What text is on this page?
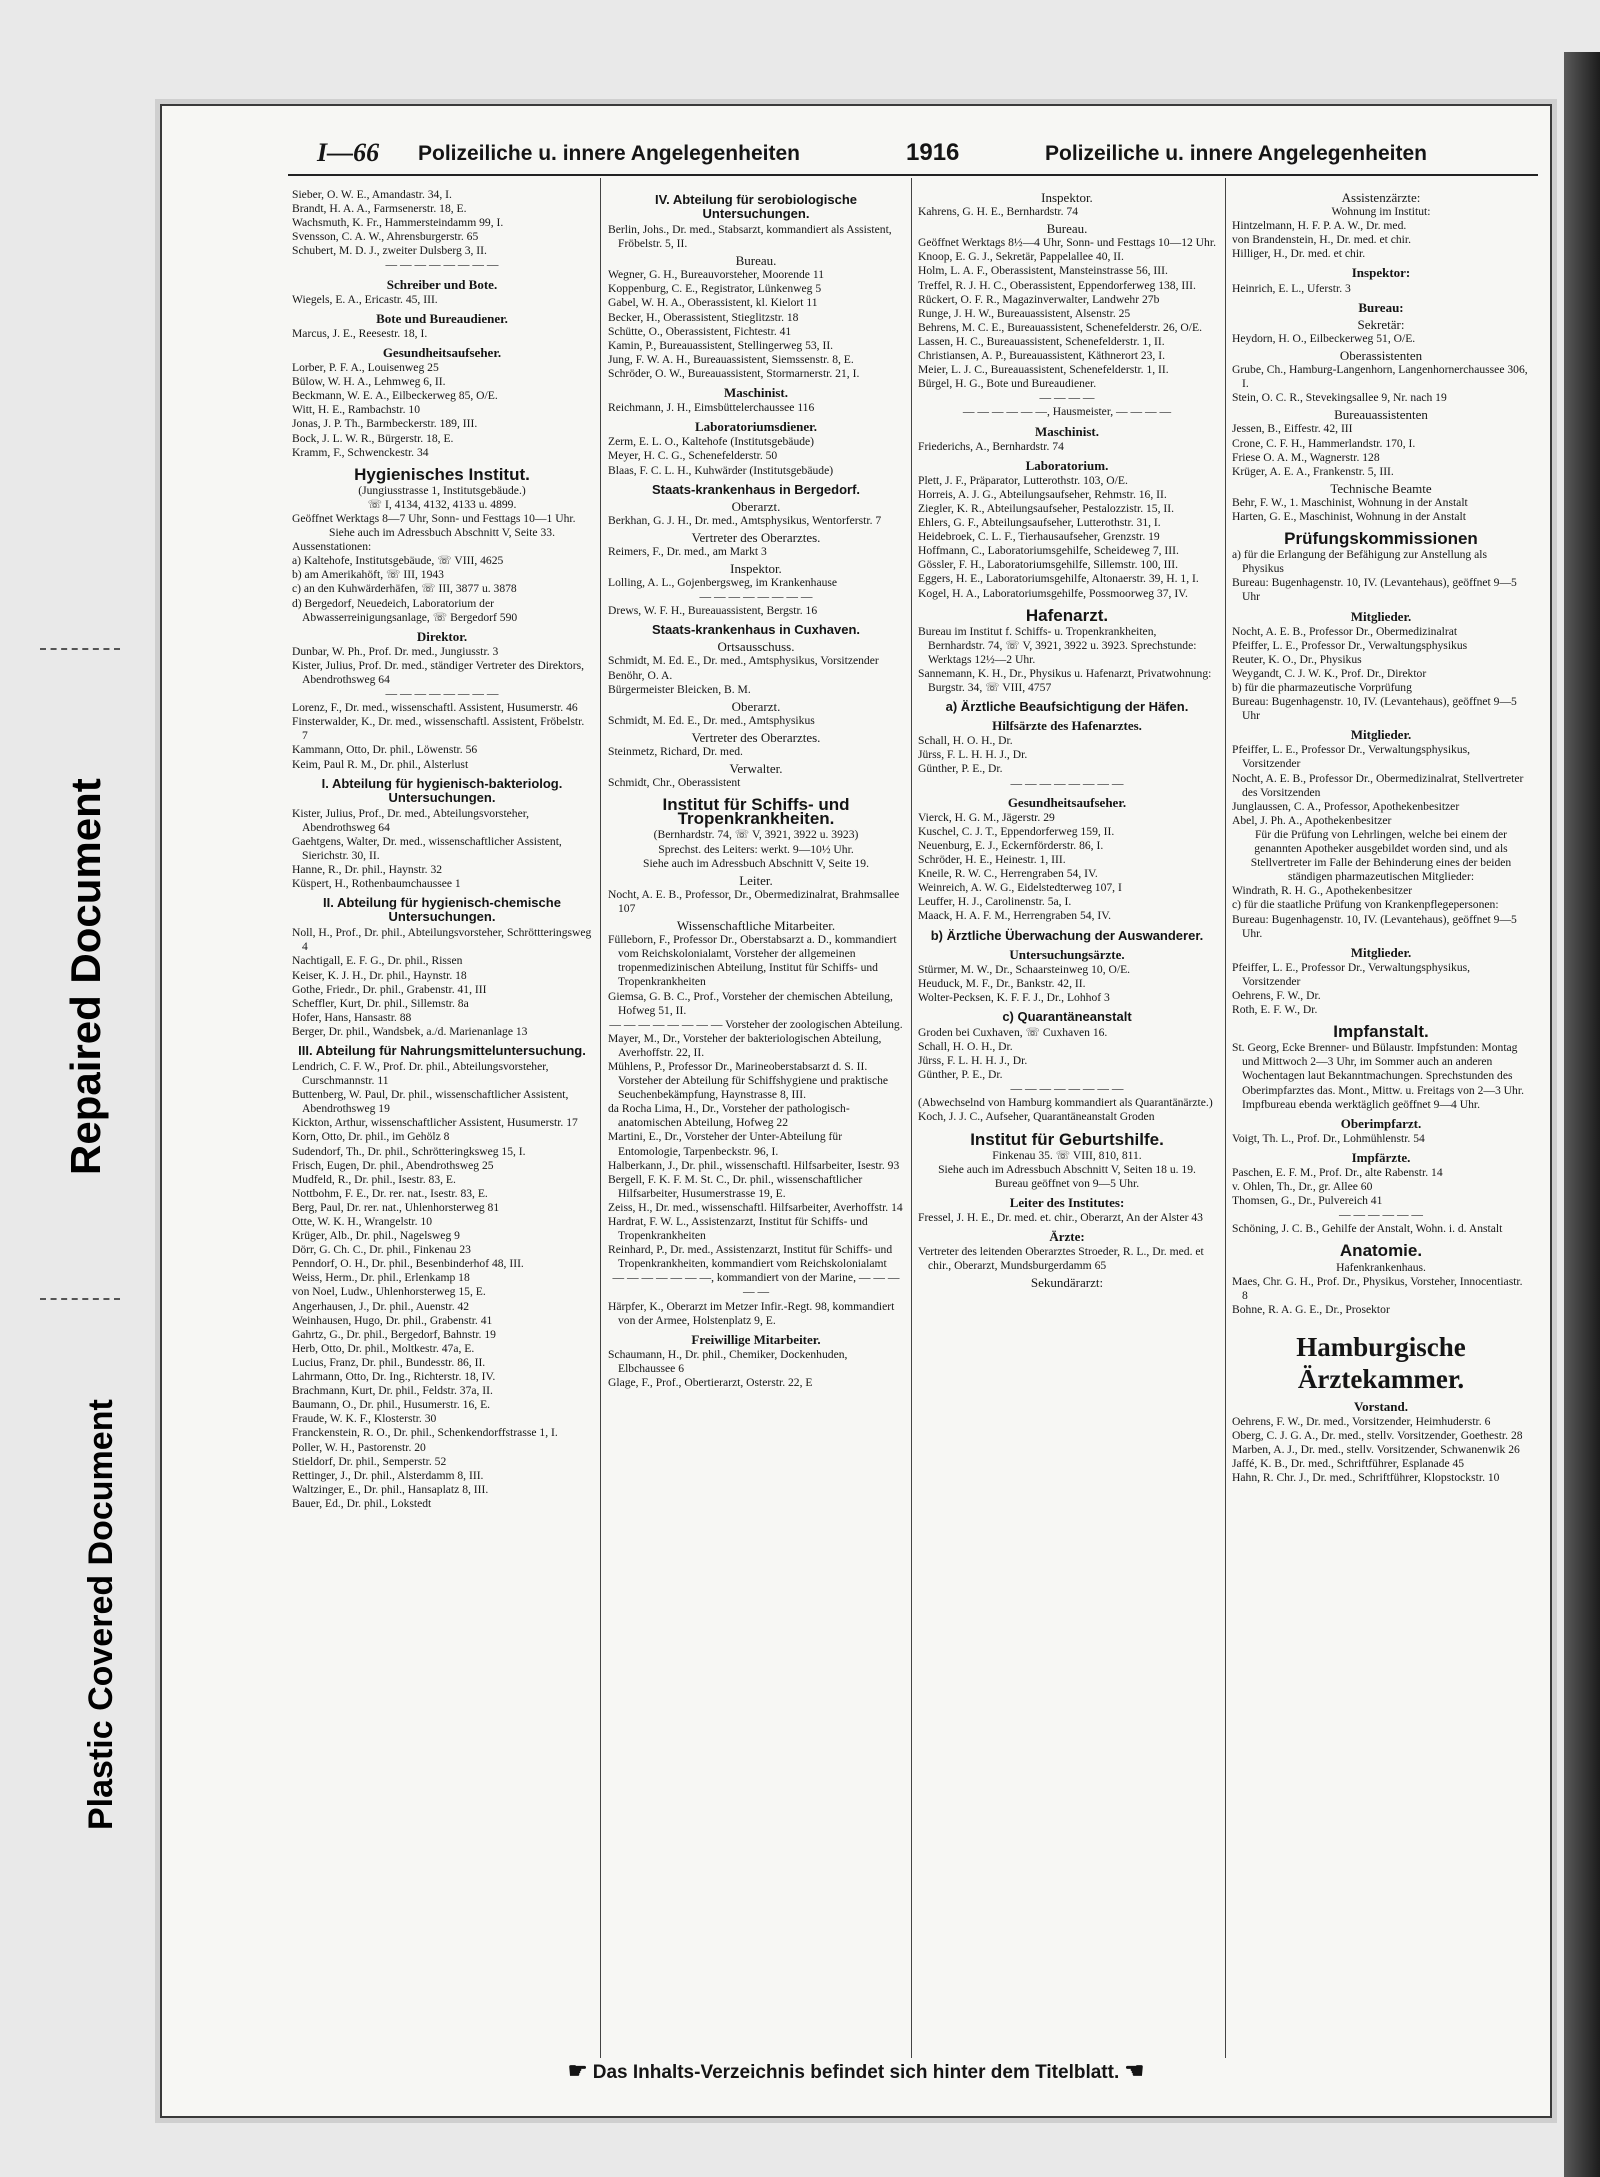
Repaired Document
Plastic Covered Document
I—66 Polizeiliche u. innere Angelegenheiten	1916	Polizeiliche u. innere Angelegenheiten

Sieber, O. W. E., Amandastr. 34, I.

Brandt, H. A. A., Farmsenerstr. 18, E.

Wachsmuth, K. Fr., Hammersteindamm 99, I.

Svensson, C. A. W., Ahrensburgerstr. 65

Schubert, M. D. J., zweiter Dulsberg 3, II.

— — — — — — — —

Schreiber und Bote.

Wiegels, E. A., Ericastr. 45, III.

Bote und Bureaudiener.

Marcus, J. E., Reesestr. 18, I.

Gesundheitsaufseher.

Lorber, P. F. A., Louisenweg 25

Bülow, W. H. A., Lehmweg 6, II.

Beckmann, W. E. A., Eilbeckerweg 85, O/E.

Witt, H. E., Rambachstr. 10

Jonas, J. P. Th., Barmbeckerstr. 189, III.

Bock, J. L. W. R., Bürgerstr. 18, E.

Kramm, F., Schwenckestr. 34

Hygienisches Institut.

(Jungiusstrasse 1, Institutsgebäude.)

☏ I, 4134, 4132, 4133 u. 4899.

Geöffnet Werktags 8—7 Uhr, Sonn- und Festtags 10—1 Uhr.

Siehe auch im Adressbuch Abschnitt V, Seite 33.

Aussenstationen:

a) Kaltehofe, Institutsgebäude, ☏ VIII, 4625

b) am Amerikahöft, ☏ III, 1943

c) an den Kuhwärderhäfen, ☏ III, 3877 u. 3878

d) Bergedorf, Neuedeich, Laboratorium der Abwasserreinigungsanlage, ☏ Bergedorf 590

Direktor.

Dunbar, W. Ph., Prof. Dr. med., Jungiusstr. 3

Kister, Julius, Prof. Dr. med., ständiger Vertreter des Direktors, Abendrothsweg 64

— — — — — — — —

Lorenz, F., Dr. med., wissenschaftl. Assistent, Husumerstr. 46

Finsterwalder, K., Dr. med., wissenschaftl. Assistent, Fröbelstr. 7

Kammann, Otto, Dr. phil., Löwenstr. 56

Keim, Paul R. M., Dr. phil., Alsterlust

I. Abteilung für hygienisch-bakteriolog. Untersuchungen.

Kister, Julius, Prof., Dr. med., Abteilungsvorsteher, Abendrothsweg 64

Gaehtgens, Walter, Dr. med., wissenschaftlicher Assistent, Sierichstr. 30, II.

Hanne, R., Dr. phil., Haynstr. 32

Küspert, H., Rothenbaumchaussee 1

II. Abteilung für hygienisch-chemische Untersuchungen.

Noll, H., Prof., Dr. phil., Abteilungsvorsteher, Schröttteringsweg 4

Nachtigall, E. F. G., Dr. phil., Rissen

Keiser, K. J. H., Dr. phil., Haynstr. 18

Gothe, Friedr., Dr. phil., Grabenstr. 41, III

Scheffler, Kurt, Dr. phil., Sillemstr. 8a

Hofer, Hans, Hansastr. 88

Berger, Dr. phil., Wandsbek, a./d. Marienanlage 13

III. Abteilung für Nahrungsmitteluntersuchung.

Lendrich, C. F. W., Prof. Dr. phil., Abteilungsvorsteher, Curschmannstr. 11

Buttenberg, W. Paul, Dr. phil., wissenschaftlicher Assistent, Abendrothsweg 19

Kickton, Arthur, wissenschaftlicher Assistent, Husumerstr. 17

Korn, Otto, Dr. phil., im Gehölz 8

Sudendorf, Th., Dr. phil., Schrötteringksweg 15, I.

Frisch, Eugen, Dr. phil., Abendrothsweg 25

Mudfeld, R., Dr. phil., Isestr. 83, E.

Nottbohm, F. E., Dr. rer. nat., Isestr. 83, E.

Berg, Paul, Dr. rer. nat., Uhlenhorsterweg 81

Otte, W. K. H., Wrangelstr. 10

Krüger, Alb., Dr. phil., Nagelsweg 9

Dörr, G. Ch. C., Dr. phil., Finkenau 23

Penndorf, O. H., Dr. phil., Besenbinderhof 48, III.

Weiss, Herm., Dr. phil., Erlenkamp 18

von Noel, Ludw., Uhlenhorsterweg 15, E.

Angerhausen, J., Dr. phil., Auenstr. 42

Weinhausen, Hugo, Dr. phil., Grabenstr. 41

Gahrtz, G., Dr. phil., Bergedorf, Bahnstr. 19

Herb, Otto, Dr. phil., Moltkestr. 47a, E.

Lucius, Franz, Dr. phil., Bundesstr. 86, II.

Lahrmann, Otto, Dr. Ing., Richterstr. 18, IV.

Brachmann, Kurt, Dr. phil., Feldstr. 37a, II.

Baumann, O., Dr. phil., Husumerstr. 16, E.

Fraude, W. K. F., Klosterstr. 30

Franckenstein, R. O., Dr. phil., Schenkendorffstrasse 1, I.

Poller, W. H., Pastorenstr. 20

Stieldorf, Dr. phil., Semperstr. 52

Rettinger, J., Dr. phil., Alsterdamm 8, III.

Waltzinger, E., Dr. phil., Hansaplatz 8, III.

Bauer, Ed., Dr. phil., Lokstedt

IV. Abteilung für serobiologische Untersuchungen.

Berlin, Johs., Dr. med., Stabsarzt, kommandiert als Assistent, Fröbelstr. 5, II.

Bureau.

Wegner, G. H., Bureauvorsteher, Moorende 11

Koppenburg, C. E., Registrator, Lünkenweg 5

Gabel, W. H. A., Oberassistent, kl. Kielort 11

Becker, H., Oberassistent, Stieglitzstr. 18

Schütte, O., Oberassistent, Fichtestr. 41

Kamin, P., Bureauassistent, Stellingerweg 53, II.

Jung, F. W. A. H., Bureauassistent, Siemssenstr. 8, E.

Schröder, O. W., Bureauassistent, Stormarnerstr. 21, I.

Maschinist.

Reichmann, J. H., Eimsbüttelerchaussee 116

Laboratoriumsdiener.

Zerm, E. L. O., Kaltehofe (Institutsgebäude)

Meyer, H. C. G., Schenefelderstr. 50

Blaas, F. C. L. H., Kuhwärder (Institutsgebäude)

Staats-krankenhaus in Bergedorf.

Oberarzt.

Berkhan, G. J. H., Dr. med., Amtsphysikus, Wentorferstr. 7

Vertreter des Oberarztes.

Reimers, F., Dr. med., am Markt 3

Inspektor.

Lolling, A. L., Gojenbergsweg, im Krankenhause

— — — — — — — —

Drews, W. F. H., Bureauassistent, Bergstr. 16

Staats-krankenhaus in Cuxhaven.

Ortsausschuss.

Schmidt, M. Ed. E., Dr. med., Amtsphysikus, Vorsitzender

Benöhr, O. A.

Bürgermeister Bleicken, B. M.

Oberarzt.

Schmidt, M. Ed. E., Dr. med., Amtsphysikus

Vertreter des Oberarztes.

Steinmetz, Richard, Dr. med.

Verwalter.

Schmidt, Chr., Oberassistent

Institut für Schiffs- und Tropenkrankheiten.

(Bernhardstr. 74, ☏ V, 3921, 3922 u. 3923)

Sprechst. des Leiters: werkt. 9—10½ Uhr.

Siehe auch im Adressbuch Abschnitt V, Seite 19.

Leiter.

Nocht, A. E. B., Professor, Dr., Obermedizinalrat, Brahmsallee 107

Wissenschaftliche Mitarbeiter.

Fülleborn, F., Professor Dr., Oberstabsarzt a. D., kommandiert vom Reichskolonialamt, Vorsteher der allgemeinen tropenmedizinischen Abteilung, Institut für Schiffs- und Tropenkrankheiten

Giemsa, G. B. C., Prof., Vorsteher der chemischen Abteilung, Hofweg 51, II.

— — — — — — — — Vorsteher der zoologischen Abteilung.

Mayer, M., Dr., Vorsteher der bakteriologischen Abteilung, Averhoffstr. 22, II.

Mühlens, P., Professor Dr., Marineoberstabsarzt d. S. II. Vorsteher der Abteilung für Schiffshygiene und praktische Seuchenbekämpfung, Haynstrasse 8, III.

da Rocha Lima, H., Dr., Vorsteher der pathologisch-anatomischen Abteilung, Hofweg 22

Martini, E., Dr., Vorsteher der Unter-Abteilung für Entomologie, Tarpenbeckstr. 96, I.

Halberkann, J., Dr. phil., wissenschaftl. Hilfsarbeiter, Isestr. 93

Bergell, F. K. F. M. St. C., Dr. phil., wissenschaftlicher Hilfsarbeiter, Husumerstrasse 19, E.

Zeiss, H., Dr. med., wissenschaftl. Hilfsarbeiter, Averhoffstr. 14

Hardrat, F. W. L., Assistenzarzt, Institut für Schiffs- und Tropenkrankheiten

Reinhard, P., Dr. med., Assistenzarzt, Institut für Schiffs- und Tropenkrankheiten, kommandiert vom Reichskolonialamt

— — — — — — —, kommandiert von der Marine, — — — — —

Härpfer, K., Oberarzt im Metzer Infir.-Regt. 98, kommandiert von der Armee, Holstenplatz 9, E.

Freiwillige Mitarbeiter.

Schaumann, H., Dr. phil., Chemiker, Dockenhuden, Elbchaussee 6

Glage, F., Prof., Obertierarzt, Osterstr. 22, E

Inspektor.

Kahrens, G. H. E., Bernhardstr. 74

Bureau.

Geöffnet Werktags 8½—4 Uhr, Sonn- und Festtags 10—12 Uhr.

Knoop, E. G. J., Sekretär, Pappelallee 40, II.

Holm, L. A. F., Oberassistent, Mansteinstrasse 56, III.

Treffel, R. J. H. C., Oberassistent, Eppendorferweg 138, III.

Rückert, O. F. R., Magazinverwalter, Landwehr 27b

Runge, J. H. W., Bureauassistent, Alsenstr. 25

Behrens, M. C. E., Bureauassistent, Schenefelderstr. 26, O/E.

Lassen, H. C., Bureauassistent, Schenefelderstr. 1, II.

Christiansen, A. P., Bureauassistent, Käthnerort 23, I.

Meier, L. J. C., Bureauassistent, Schenefelderstr. 1, II.

Bürgel, H. G., Bote und Bureaudiener.

— — — —

— — — — — —, Hausmeister, — — — —

Maschinist.

Friederichs, A., Bernhardstr. 74

Laboratorium.

Plett, J. F., Präparator, Lutterothstr. 103, O/E.

Horreis, A. J. G., Abteilungsaufseher, Rehmstr. 16, II.

Ziegler, K. R., Abteilungsaufseher, Pestalozzistr. 15, II.

Ehlers, G. F., Abteilungsaufseher, Lutterothstr. 31, I.

Heidebroek, C. L. F., Tierhausaufseher, Grenzstr. 19

Hoffmann, C., Laboratoriumsgehilfe, Scheideweg 7, III.

Gössler, F. H., Laboratoriumsgehilfe, Sillemstr. 100, III.

Eggers, H. E., Laboratoriumsgehilfe, Altonaerstr. 39, H. 1, I.

Kogel, H. A., Laboratoriumsgehilfe, Possmoorweg 37, IV.

Hafenarzt.

Bureau im Institut f. Schiffs- u. Tropenkrankheiten, Bernhardstr. 74, ☏ V, 3921, 3922 u. 3923. Sprechstunde: Werktags 12½—2 Uhr.

Sannemann, K. H., Dr., Physikus u. Hafenarzt, Privatwohnung: Burgstr. 34, ☏ VIII, 4757

a) Ärztliche Beaufsichtigung der Häfen.

Hilfsärzte des Hafenarztes.

Schall, H. O. H., Dr.

Jürss, F. L. H. H. J., Dr.

Günther, P. E., Dr.

— — — — — — — —

Gesundheitsaufseher.

Vierck, H. G. M., Jägerstr. 29

Kuschel, C. J. T., Eppendorferweg 159, II.

Neuenburg, E. J., Eckernförderstr. 86, I.

Schröder, H. E., Heinestr. 1, III.

Kneile, R. W. C., Herrengraben 54, IV.

Weinreich, A. W. G., Eidelstedterweg 107, I

Leuffer, H. J., Carolinenstr. 5a, I.

Maack, H. A. F. M., Herrengraben 54, IV.

b) Ärztliche Überwachung der Auswanderer.

Untersuchungsärzte.

Stürmer, M. W., Dr., Schaarsteinweg 10, O/E.

Heuduck, M. F., Dr., Bankstr. 42, II.

Wolter-Pecksen, K. F. F. J., Dr., Lohhof 3

c) Quarantäneanstalt

Groden bei Cuxhaven, ☏ Cuxhaven 16.

Schall, H. O. H., Dr.

Jürss, F. L. H. H. J., Dr.

Günther, P. E., Dr.

— — — — — — — —

(Abwechselnd von Hamburg kommandiert als Quarantänärzte.)

Koch, J. J. C., Aufseher, Quarantäneanstalt Groden

Institut für Geburtshilfe.

Finkenau 35. ☏ VIII, 810, 811.

Siehe auch im Adressbuch Abschnitt V, Seiten 18 u. 19.

Bureau geöffnet von 9—5 Uhr.

Leiter des Institutes:

Fressel, J. H. E., Dr. med. et. chir., Oberarzt, An der Alster 43

Ärzte:

Vertreter des leitenden Oberarztes Stroeder, R. L., Dr. med. et chir., Oberarzt, Mundsburgerdamm 65

Sekundärarzt:

Assistenzärzte:

Wohnung im Institut:

Hintzelmann, H. F. P. A. W., Dr. med.

von Brandenstein, H., Dr. med. et chir.

Hilliger, H., Dr. med. et chir.

Inspektor:

Heinrich, E. L., Uferstr. 3

Bureau:

Sekretär:

Heydorn, H. O., Eilbeckerweg 51, O/E.

Oberassistenten

Grube, Ch., Hamburg-Langenhorn, Langenhornerchaussee 306, I.

Stein, O. C. R., Stevekingsallee 9, Nr. nach 19

Bureauassistenten

Jessen, B., Eiffestr. 42, III

Crone, C. F. H., Hammerlandstr. 170, I.

Friese O. A. M., Wagnerstr. 128

Krüger, A. E. A., Frankenstr. 5, III.

Technische Beamte

Behr, F. W., 1. Maschinist, Wohnung in der Anstalt

Harten, G. E., Maschinist, Wohnung in der Anstalt

Prüfungskommissionen

a) für die Erlangung der Befähigung zur Anstellung als Physikus

Bureau: Bugenhagenstr. 10, IV. (Levantehaus), geöffnet 9—5 Uhr

Mitglieder.

Nocht, A. E. B., Professor Dr., Obermedizinalrat

Pfeiffer, L. E., Professor Dr., Verwaltungsphysikus

Reuter, K. O., Dr., Physikus

Weygandt, C. J. W. K., Prof. Dr., Direktor

b) für die pharmazeutische Vorprüfung

Bureau: Bugenhagenstr. 10, IV. (Levantehaus), geöffnet 9—5 Uhr

Mitglieder.

Pfeiffer, L. E., Professor Dr., Verwaltungsphysikus, Vorsitzender

Nocht, A. E. B., Professor Dr., Obermedizinalrat, Stellvertreter des Vorsitzenden

Junglaussen, C. A., Professor, Apothekenbesitzer

Abel, J. Ph. A., Apothekenbesitzer

Für die Prüfung von Lehrlingen, welche bei einem der genannten Apotheker ausgebildet worden sind, und als Stellvertreter im Falle der Behinderung eines der beiden ständigen pharmazeutischen Mitglieder:

Windrath, R. H. G., Apothekenbesitzer

c) für die staatliche Prüfung von Krankenpflegepersonen:

Bureau: Bugenhagenstr. 10, IV. (Levantehaus), geöffnet 9—5 Uhr.

Mitglieder.

Pfeiffer, L. E., Professor Dr., Verwaltungsphysikus, Vorsitzender

Oehrens, F. W., Dr.

Roth, E. F. W., Dr.

Impfanstalt.

St. Georg, Ecke Brenner- und Bülaustr. Impfstunden: Montag und Mittwoch 2—3 Uhr, im Sommer auch an anderen Wochentagen laut Bekanntmachungen. Sprechstunden des Oberimpfarztes das. Mont., Mittw. u. Freitags von 2—3 Uhr. Impfbureau ebenda werktäglich geöffnet 9—4 Uhr.

Oberimpfarzt.

Voigt, Th. L., Prof. Dr., Lohmühlenstr. 54

Impfärzte.

Paschen, E. F. M., Prof. Dr., alte Rabenstr. 14

v. Ohlen, Th., Dr., gr. Allee 60

Thomsen, G., Dr., Pulvereich 41

— — — — — —

Schöning, J. C. B., Gehilfe der Anstalt, Wohn. i. d. Anstalt

Anatomie.

Hafenkrankenhaus.

Maes, Chr. G. H., Prof. Dr., Physikus, Vorsteher, Innocentiastr. 8

Bohne, R. A. G. E., Dr., Prosektor

Hamburgische Ärztekammer.

Vorstand.

Oehrens, F. W., Dr. med., Vorsitzender, Heimhuderstr. 6

Oberg, C. J. G. A., Dr. med., stellv. Vorsitzender, Goethestr. 28

Marben, A. J., Dr. med., stellv. Vorsitzender, Schwanenwik 26

Jaffé, K. B., Dr. med., Schriftführer, Esplanade 45

Hahn, R. Chr. J., Dr. med., Schriftführer, Klopstockstr. 10

☛ Das Inhalts-Verzeichnis befindet sich hinter dem Titelblatt. ☚
